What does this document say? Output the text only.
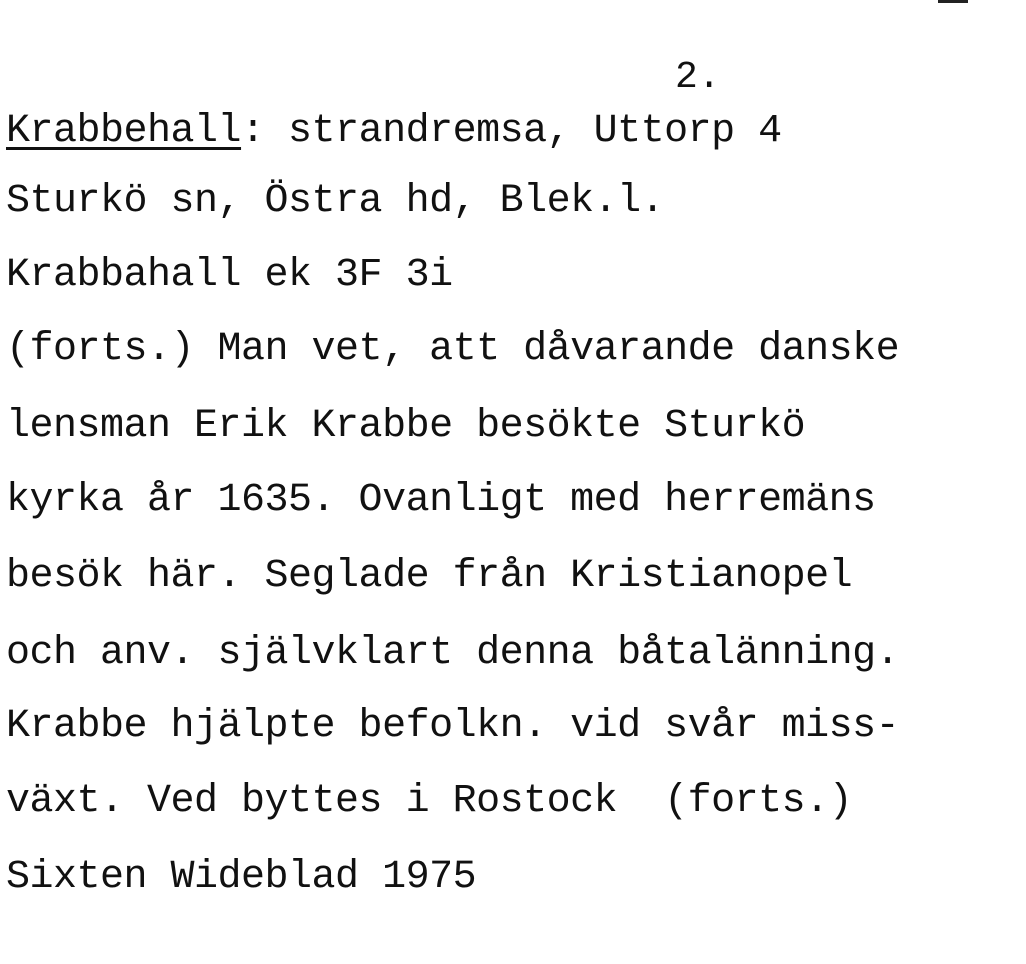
2.
Krabbehall: strandremsa, Uttorp 4
Sturkö sn, Östra hd, Blek.l.
Krabbahall ek 3F 3i
(forts.) Man vet, att dåvarande danske
lensman Erik Krabbe besökte Sturkö
kyrka år 1635. Ovanligt med herremäns
besök här. Seglade från Kristianopel
och anv. självklart denna båtalänning.
Krabbe hjälpte befolkn. vid svår miss-
växt. Ved byttes i Rostock  (forts.)
Sixten Wideblad 1975
